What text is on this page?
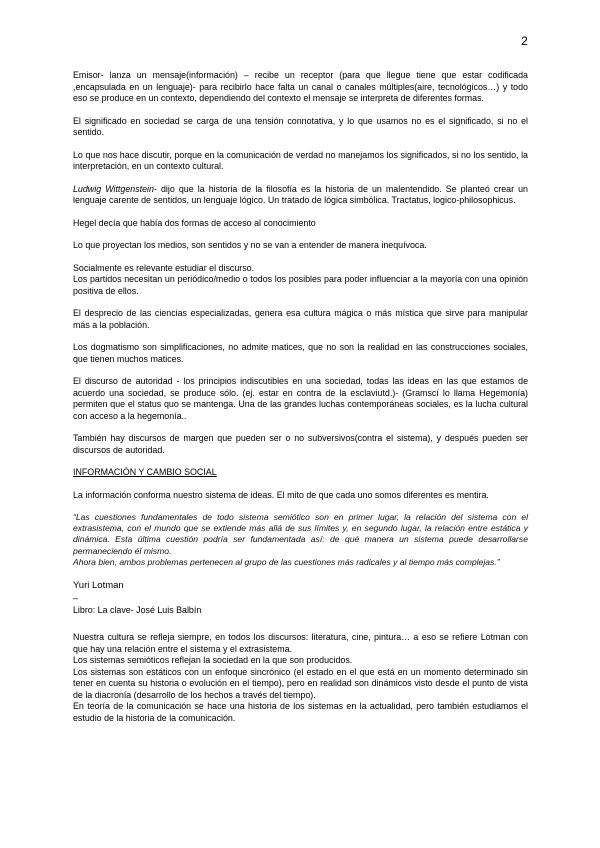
2

Emisor- lanza un mensaje(información) – recibe un receptor (para que llegue tiene que estar codificada ,encapsulada en un lenguaje)- para recibirlo hace falta un canal o canales múltiples(aire, tecnológicos…) y todo eso se produce en un contexto, dependiendo del contexto el mensaje se interpreta de diferentes formas.

El significado en sociedad se carga de una tensión connotativa, y lo que usamos no es el significado, si no el sentido.

Lo que nos hace discutir, porque en la comunicación de verdad no manejamos los significados, si no los sentido, la interpretación, en un contexto cultural.

Ludwig Wittgenstein- dijo que la historia de la filosofía es la historia de un malentendido. Se planteó crear un lenguaje carente de sentidos, un lenguaje lógico. Un tratado de lógica simbólica. Tractatus, logico-philosophicus.

Hegel decía que había dos formas de acceso al conocimiento

Lo que proyectan los medios, son sentidos y no se van a entender de manera inequívoca.

Socialmente es relevante estudiar el discurso.
Los partidos necesitan un periódico/medio o todos los posibles para poder influenciar a la mayoría con una opinión positiva de ellos.

El desprecio de las ciencias especializadas, genera esa cultura mágica o más mística que sirve para manipular más a la población.

Los dogmatismo son simplificaciones, no admite matices, que no son la realidad en las construcciones sociales, que tienen muchos matices.

El discurso de autoridad - los principios indiscutibles en una sociedad, todas las ideas en las que estamos de acuerdo una sociedad, se produce sólo. (ej. estar en contra de la esclaviutd.)- (Gramscí lo llama Hegemonía) permiten que el status quo se mantenga. Una de las grandes luchas contemporáneas sociales, es la lucha cultural con acceso a la hegemonía..

También hay discursos de margen que pueden ser o no subversivos(contra el sistema), y después pueden ser discursos de autoridad.

INFORMACIÓN Y CAMBIO SOCIAL

La información conforma nuestro sistema de ideas. El mito de que cada uno somos diferentes es mentira.

“Las cuestiones fundamentales de todo sistema semiótico son en primer lugar, la relación del sistema con el extrasistema, con el mundo que se extiende más allá de sus límites y, en segundo lugar, la relación entre estática y dinámica. Esta última cuestión podría ser fundamentada así: de qué manera un sistema puede desarrollarse permaneciendo él mismo.
Ahora bien, ambos problemas pertenecen al grupo de las cuestiones más radicales y al tiempo más complejas.”
Yuri Lotman
–
Libro: La clave- José Luis Balbín

Nuestra cultura se refleja siempre, en todos los discursos: literatura, cine, pintura… a eso se refiere Lotman con que hay una relación entre el sistema y el extrasistema.
Los sistemas semióticos reflejan la sociedad en la que son producidos.
Los sistemas son estáticos con un enfoque sincrónico (el estado en el que está en un momento determinado sin tener en cuenta su historia o evolución en el tiempo), pero en realidad son dinámicos visto desde el punto de vista de la diacronía (desarrollo de los hechos a través del tiempo).
En teoría de la comunicación se hace una historia de los sistemas en la actualidad, pero también estudiamos el estudio de la historia de la comunicación.
